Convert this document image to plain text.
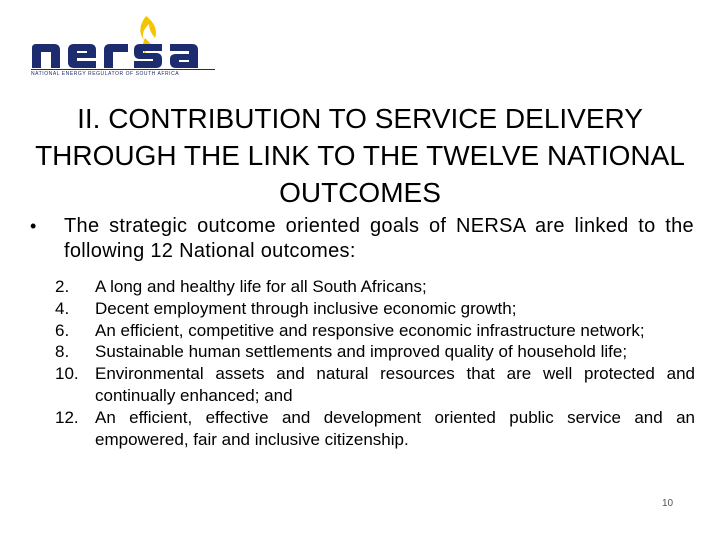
NATIONAL ENERGY REGULATOR OF SOUTH AFRICA
II. CONTRIBUTION TO SERVICE DELIVERY THROUGH THE LINK TO THE TWELVE NATIONAL OUTCOMES
• The strategic outcome oriented goals of NERSA are linked to the following 12 National outcomes:
2.	A long and healthy life for all South Africans;
4.	Decent employment through inclusive economic growth;
6.	An efficient, competitive and responsive economic infrastructure network;
8.	Sustainable human settlements and improved quality of household life;
10. Environmental assets and natural resources that are well protected and continually enhanced; and
12. An efficient, effective and development oriented public service and an empowered, fair and inclusive citizenship.
10
